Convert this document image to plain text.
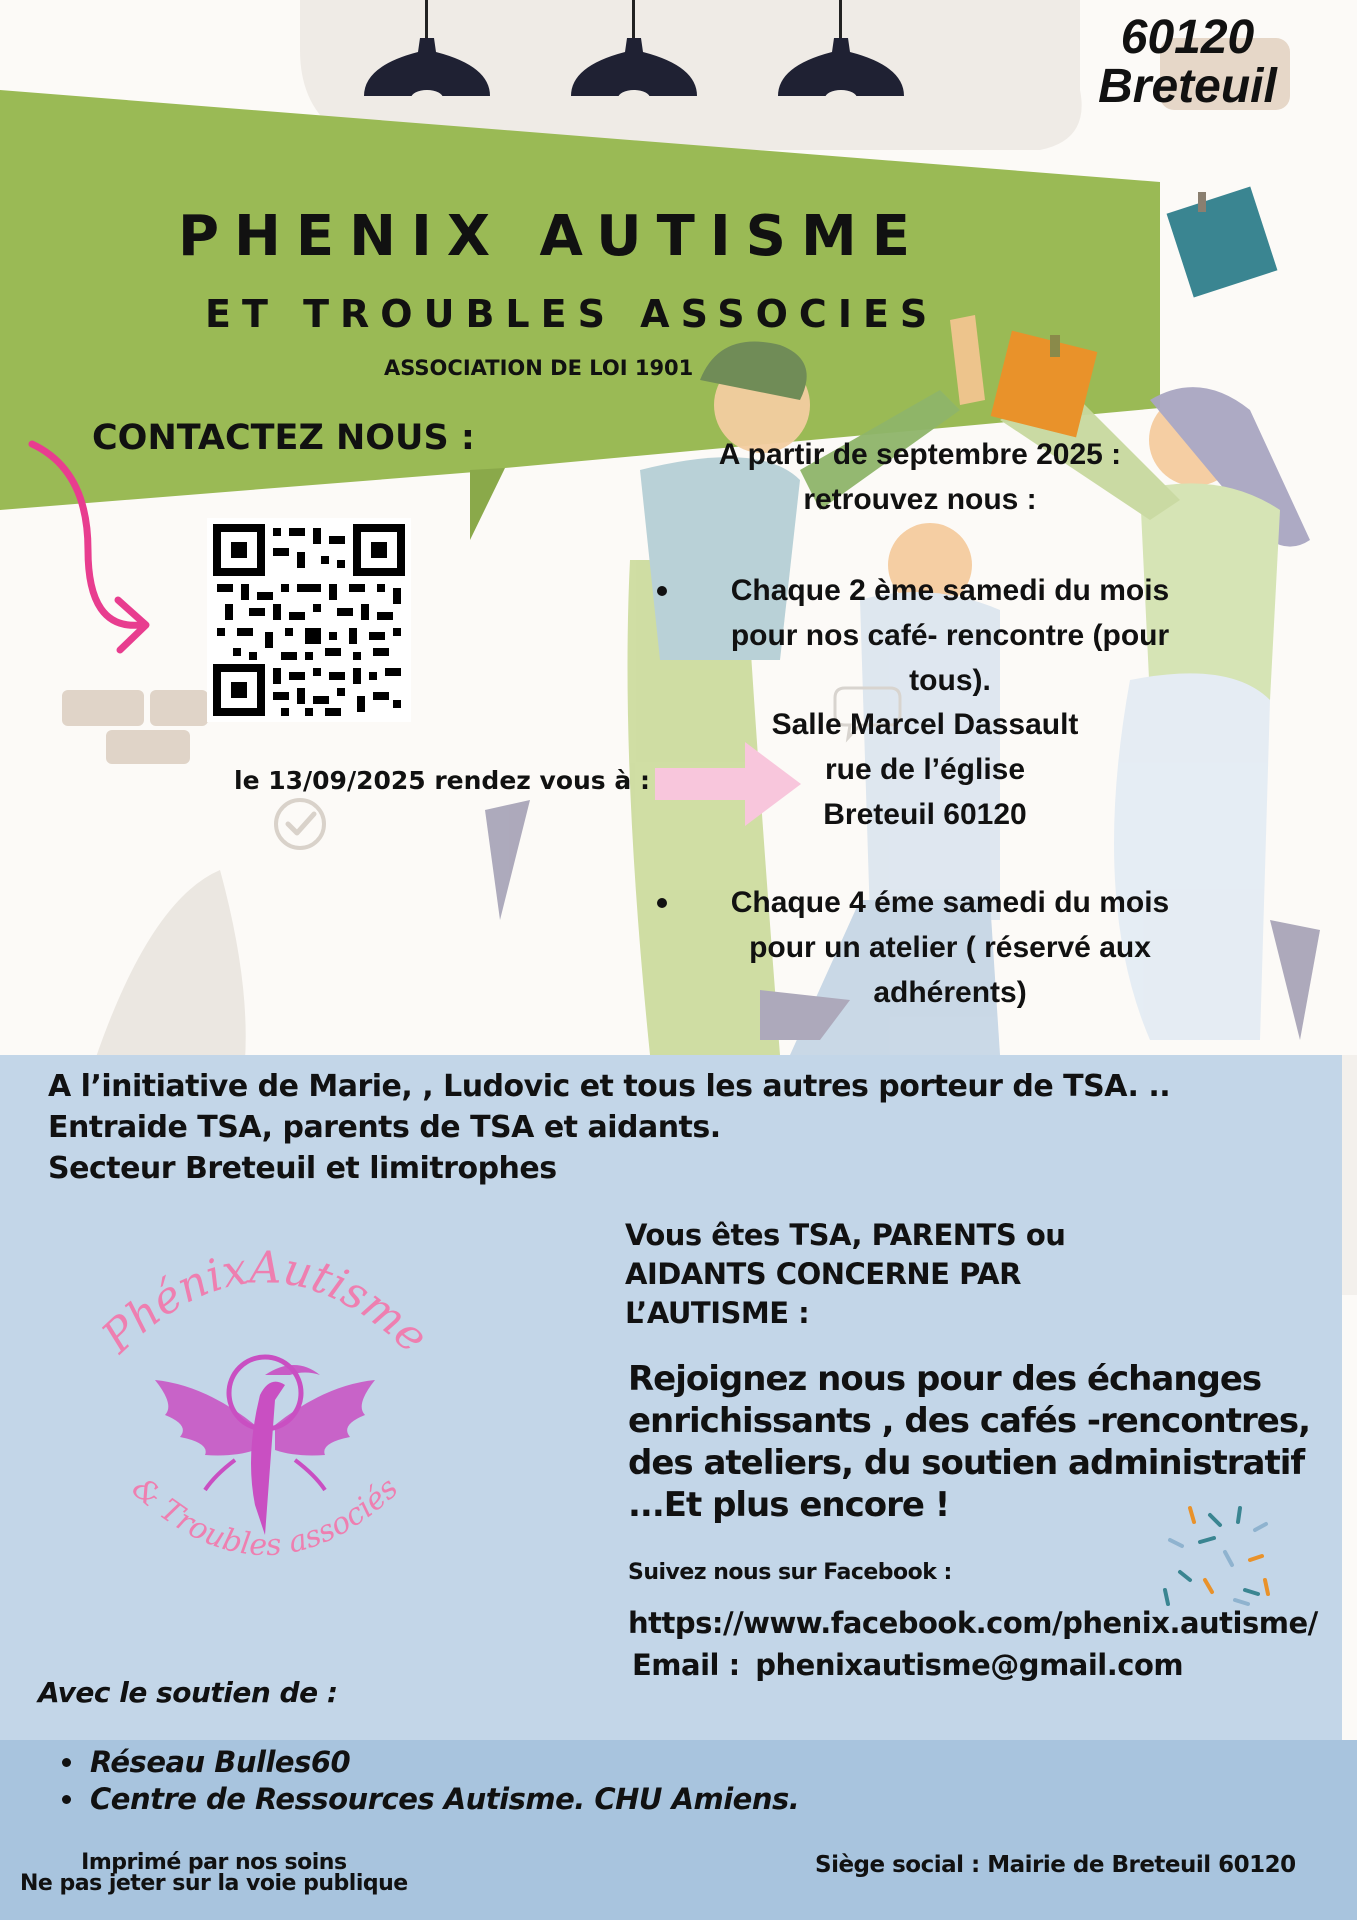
60120
Breteuil
PHENIX AUTISME
ET TROUBLES ASSOCIES
ASSOCIATION DE LOI 1901
CONTACTEZ NOUS :
le 13/09/2025 rendez vous à :
A partir de septembre 2025 :
retrouvez nous :
Chaque 2 ème samedi du mois
pour nos café- rencontre (pour
tous).
Salle Marcel Dassault
rue de l’église
Breteuil 60120
Chaque 4 éme samedi du mois
pour un atelier ( réservé aux
adhérents)
A l’initiative de Marie, , Ludovic et tous les autres porteur de TSA. ..
Entraide TSA, parents de TSA et aidants.
Secteur Breteuil et limitrophes
PhénixAutisme
& Troubles associés
Vous êtes TSA, PARENTS ou
AIDANTS CONCERNE PAR
L’AUTISME :
Rejoignez nous pour des échanges
enrichissants , des cafés -rencontres,
des ateliers, du soutien administratif
...Et plus encore !
Suivez nous sur Facebook :
https://www.facebook.com/phenix.autisme/
Email : phenixautisme@gmail.com
Avec le soutien de :
Réseau Bulles60
Centre de Ressources Autisme. CHU Amiens.
Imprimé par nos soins
Ne pas jeter sur la voie publique
Siège social : Mairie de Breteuil 60120
